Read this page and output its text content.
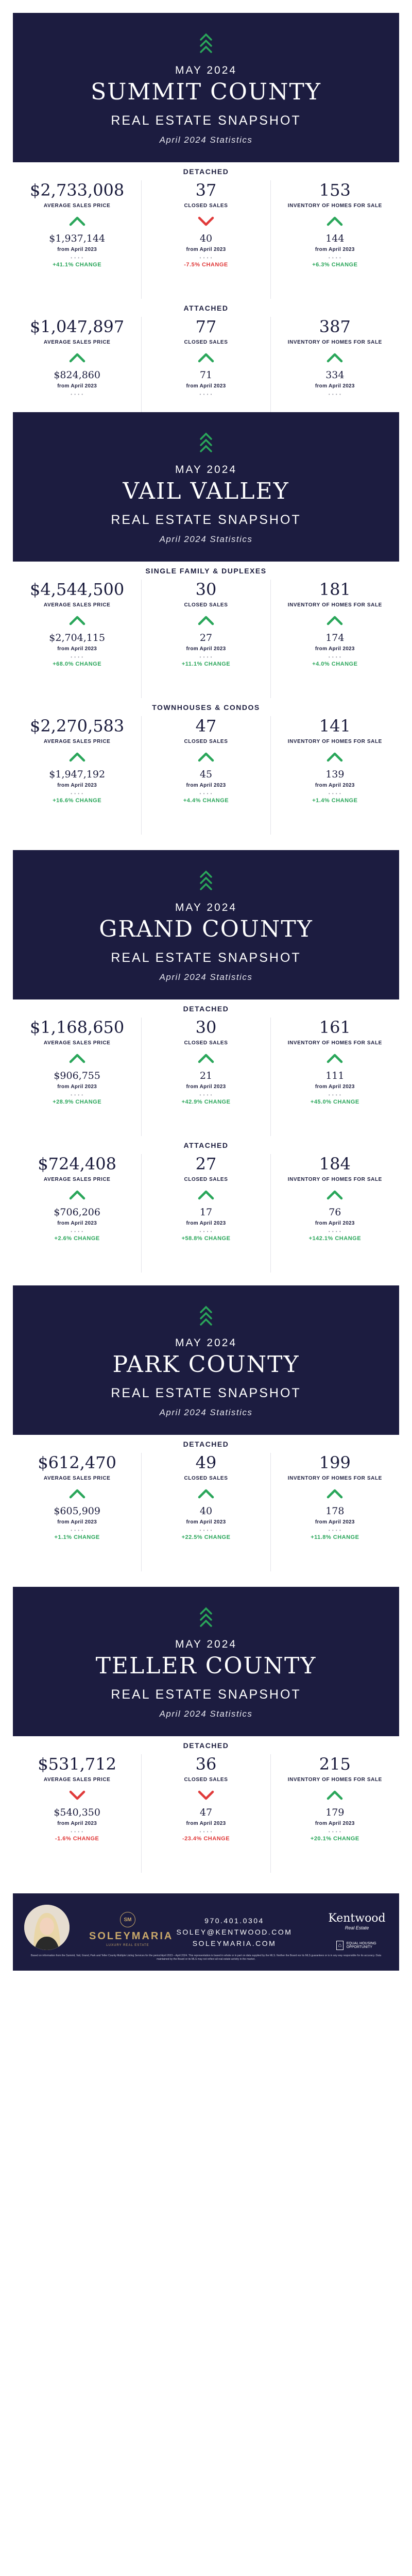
MAY 2024
SUMMIT COUNTY
REAL ESTATE SNAPSHOT
April 2024 Statistics
DETACHED
$2,733,008
AVERAGE SALES PRICE
$1,937,144
from April 2023
• • • •
+41.1% CHANGE
37
CLOSED SALES
40
from April 2023
• • • •
-7.5% CHANGE
153
INVENTORY OF HOMES FOR SALE
144
from April 2023
• • • •
+6.3% CHANGE
ATTACHED
$1,047,897
AVERAGE SALES PRICE
$824,860
from April 2023
• • • •
77
CLOSED SALES
71
from April 2023
• • • •
387
INVENTORY OF HOMES FOR SALE
334
from April 2023
• • • •
MAY 2024
VAIL VALLEY
REAL ESTATE SNAPSHOT
April 2024 Statistics
SINGLE FAMILY & DUPLEXES
$4,544,500
AVERAGE SALES PRICE
$2,704,115
from April 2023
• • • •
+68.0% CHANGE
30
CLOSED SALES
27
from April 2023
• • • •
+11.1% CHANGE
181
INVENTORY OF HOMES FOR SALE
174
from April 2023
• • • •
+4.0% CHANGE
TOWNHOUSES & CONDOS
$2,270,583
AVERAGE SALES PRICE
$1,947,192
from April 2023
• • • •
+16.6% CHANGE
47
CLOSED SALES
45
from April 2023
• • • •
+4.4% CHANGE
141
INVENTORY OF HOMES FOR SALE
139
from April 2023
• • • •
+1.4% CHANGE
MAY 2024
GRAND COUNTY
REAL ESTATE SNAPSHOT
April 2024 Statistics
DETACHED
$1,168,650
AVERAGE SALES PRICE
$906,755
from April 2023
• • • •
+28.9% CHANGE
30
CLOSED SALES
21
from April 2023
• • • •
+42.9% CHANGE
161
INVENTORY OF HOMES FOR SALE
111
from April 2023
• • • •
+45.0% CHANGE
ATTACHED
$724,408
AVERAGE SALES PRICE
$706,206
from April 2023
• • • •
+2.6% CHANGE
27
CLOSED SALES
17
from April 2023
• • • •
+58.8% CHANGE
184
INVENTORY OF HOMES FOR SALE
76
from April 2023
• • • •
+142.1% CHANGE
MAY 2024
PARK COUNTY
REAL ESTATE SNAPSHOT
April 2024 Statistics
DETACHED
$612,470
AVERAGE SALES PRICE
$605,909
from April 2023
• • • •
+1.1% CHANGE
49
CLOSED SALES
40
from April 2023
• • • •
+22.5% CHANGE
199
INVENTORY OF HOMES FOR SALE
178
from April 2023
• • • •
+11.8% CHANGE
MAY 2024
TELLER COUNTY
REAL ESTATE SNAPSHOT
April 2024 Statistics
DETACHED
$531,712
AVERAGE SALES PRICE
$540,350
from April 2023
• • • •
-1.6% CHANGE
36
CLOSED SALES
47
from April 2023
• • • •
-23.4% CHANGE
215
INVENTORY OF HOMES FOR SALE
179
from April 2023
• • • •
+20.1% CHANGE
SM
SOLEYMARIA
LUXURY REAL ESTATE
970.401.0304
SOLEY@KENTWOOD.COM
SOLEYMARIA.COM
Kentwood
Real Estate
⌂	EQUAL HOUSING OPPORTUNITY
Based on information from the Summit, Vail, Grand, Park and Teller County Multiple Listing Services for the period April 2023 – April 2024. This representation is based in whole or in part on data supplied by the MLS. Neither the Board nor its MLS guarantees or is in any way responsible for its accuracy. Data maintained by the Board or its MLS may not reflect all real estate activity in the market.
